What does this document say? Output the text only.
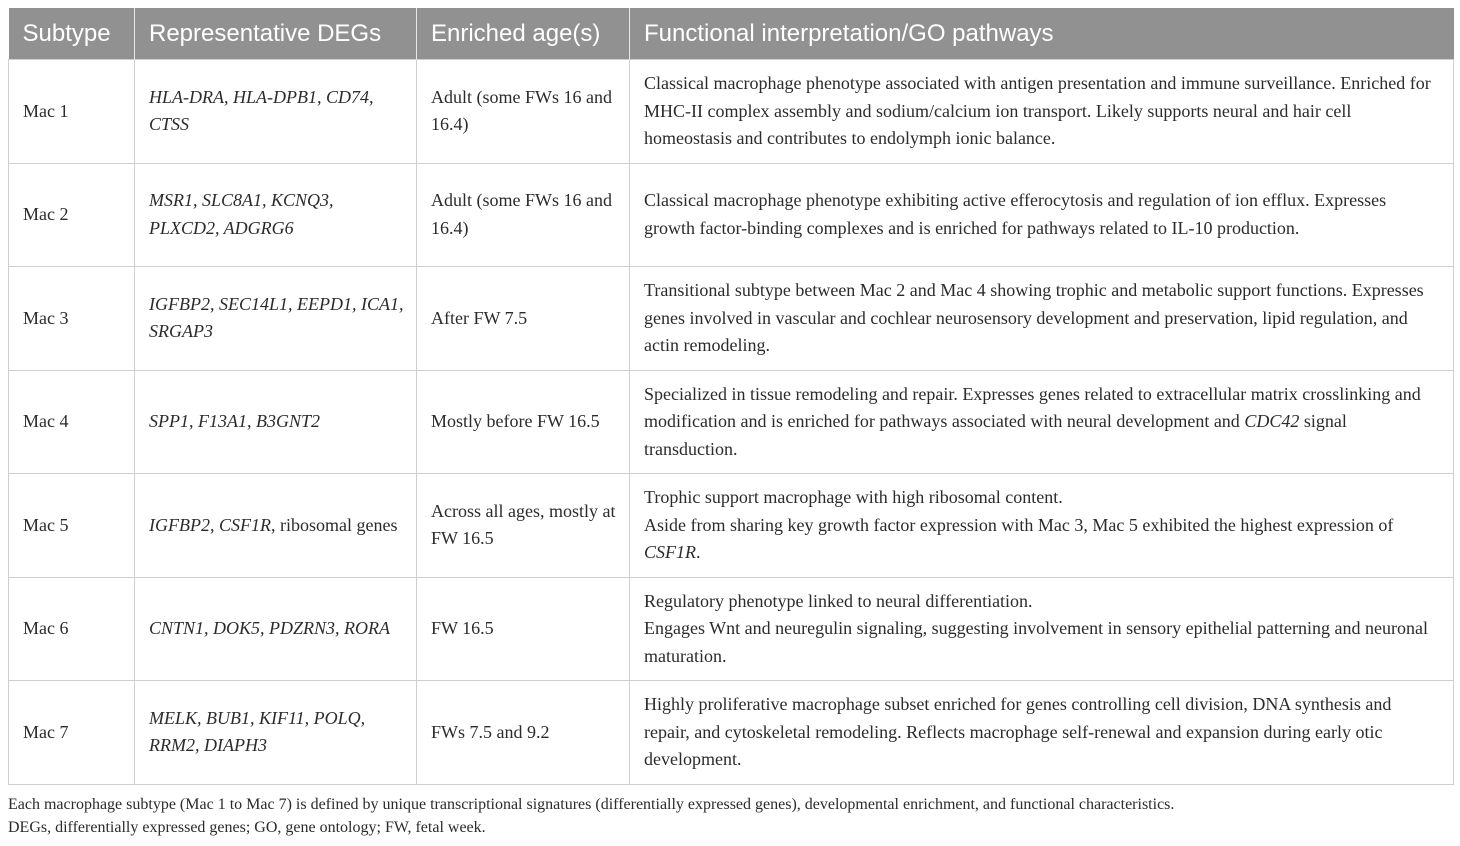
Subtype	Representative DEGs	Enriched age(s)	Functional interpretation/GO pathways
Mac 1	HLA-DRA, HLA-DPB1, CD74, CTSS	Adult (some FWs 16 and 16.4)	Classical macrophage phenotype associated with antigen presentation and immune surveillance. Enriched for MHC-II complex assembly and sodium/calcium ion transport. Likely supports neural and hair cell homeostasis and contributes to endolymph ionic balance.
Mac 2	MSR1, SLC8A1, KCNQ3, PLXCD2, ADGRG6	Adult (some FWs 16 and 16.4)	Classical macrophage phenotype exhibiting active efferocytosis and regulation of ion efflux. Expresses growth factor-binding complexes and is enriched for pathways related to IL-10 production.
Mac 3	IGFBP2, SEC14L1, EEPD1, ICA1, SRGAP3	After FW 7.5	Transitional subtype between Mac 2 and Mac 4 showing trophic and metabolic support functions. Expresses genes involved in vascular and cochlear neurosensory development and preservation, lipid regulation, and actin remodeling.
Mac 4	SPP1, F13A1, B3GNT2	Mostly before FW 16.5	Specialized in tissue remodeling and repair. Expresses genes related to extracellular matrix crosslinking and modification and is enriched for pathways associated with neural development and CDC42 signal transduction.
Mac 5	IGFBP2, CSF1R, ribosomal genes	Across all ages, mostly at FW 16.5	Trophic support macrophage with high ribosomal content.
Aside from sharing key growth factor expression with Mac 3, Mac 5 exhibited the highest expression of CSF1R.
Mac 6	CNTN1, DOK5, PDZRN3, RORA	FW 16.5	Regulatory phenotype linked to neural differentiation.
Engages Wnt and neuregulin signaling, suggesting involvement in sensory epithelial patterning and neuronal maturation.
Mac 7	MELK, BUB1, KIF11, POLQ, RRM2, DIAPH3	FWs 7.5 and 9.2	Highly proliferative macrophage subset enriched for genes controlling cell division, DNA synthesis and repair, and cytoskeletal remodeling. Reflects macrophage self-renewal and expansion during early otic development.
Each macrophage subtype (Mac 1 to Mac 7) is defined by unique transcriptional signatures (differentially expressed genes), developmental enrichment, and functional characteristics.
DEGs, differentially expressed genes; GO, gene ontology; FW, fetal week.
